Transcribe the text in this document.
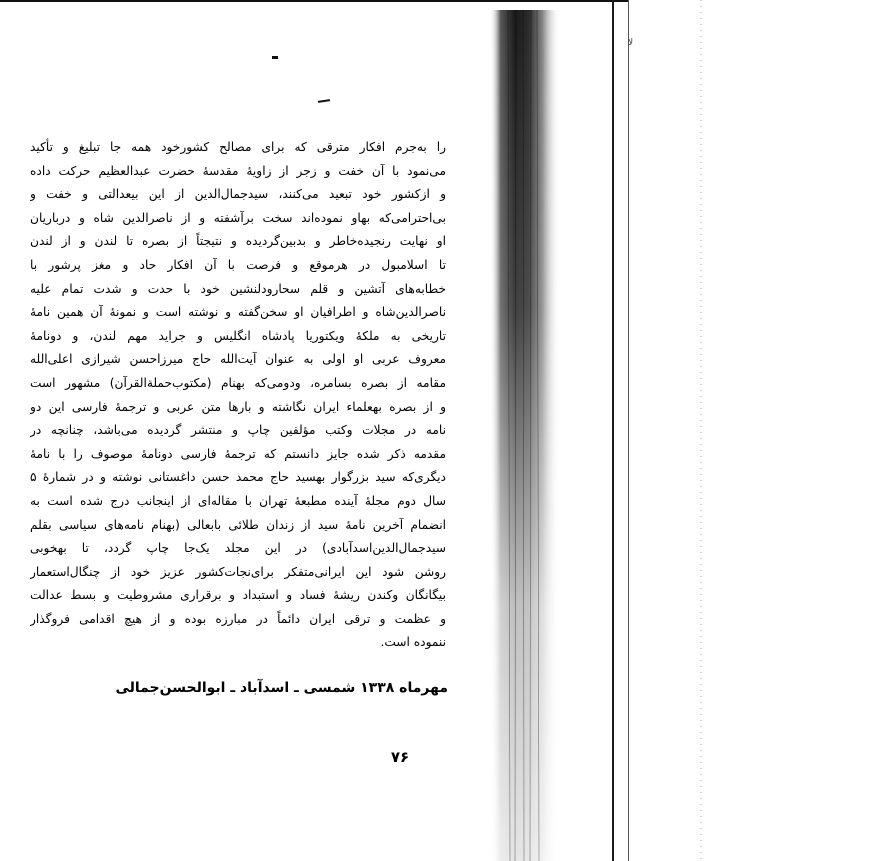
ﻟﺎ
را به‌جرم افکار مترقی که برای مصالح کشورخود همه جا تبلیغ و تأکید
می‌نمود با آن خفت و زجر از زاویهٔ مقدسهٔ حضرت عبدالعظیم حرکت داده
و ازکشور خود تبعید می‌کنند، سیدجمال‌الدین از این بیعدالتی و خفت و
بی‌احترامی‌که بهاو نموده‌اند سخت برآشفته و از ناصرالدین شاه و درباریان
او نهایت رنجیده‌خاطر و بدبین‌گردیده و نتیجتاً از بصره تا لندن و از لندن
تا اسلامبول در هرموقع و فرصت با آن افکار حاد و مغز پرشور با
خطابه‌های آتشین و قلم سحارودلنشین خود با حدت و شدت تمام علیه
ناصرالدین‌شاه و اطرافیان او سخن‌گفته و نوشته است و نمونهٔ آن همین نامهٔ
تاریخی به ملکهٔ ویکتوریا پادشاه انگلیس و جراید مهم لندن، و دونامهٔ
معروف عربی او اولی به عنوان آیت‌الله حاج میرزاحسن شیرازی اعلی‌الله
مقامه از بصره بسامره، ودومی‌که بهنام (مکتوب‌حملةالقرآن) مشهور است
و از بصره بهعلماء ایران نگاشته و بارها متن عربی و ترجمهٔ فارسی این دو
نامه در مجلات وکتب مؤلفین چاپ و منتشر گردیده می‌باشد، چنانچه در
مقدمه ذکر شده جایز دانستم که ترجمهٔ فارسی دونامهٔ موصوف را با نامهٔ
دیگری‌که سید بزرگوار بهسید حاج محمد حسن داغستانی نوشته و در شمارهٔ ۵
سال دوم مجلهٔ آینده مطبعهٔ تهران با مقاله‌ای از اینجانب درج شده است به
انضمام آخرین نامهٔ سید از زندان طلائی بابعالی (بهنام نامه‌های سیاسی بقلم
سیدجمال‌الدین‌اسدآبادی) در این مجلد یک‌جا چاپ گردد، تا بهخوبی
روشن شود این ایرانی‌متفکر برای‌نجات‌کشور عزیز خود از چنگال‌استعمار
بیگانگان وکندن ریشهٔ فساد و استبداد و برقراری مشروطیت و بسط عدالت
و عظمت و ترقی ایران دائماً در مبارزه بوده و از هیچ اقدامی فروگذار
ننموده است.
مهرماه ۱۳۳۸ شمسی ـ اسدآباد ـ ابوالحسن‌جمالی
۷۶
